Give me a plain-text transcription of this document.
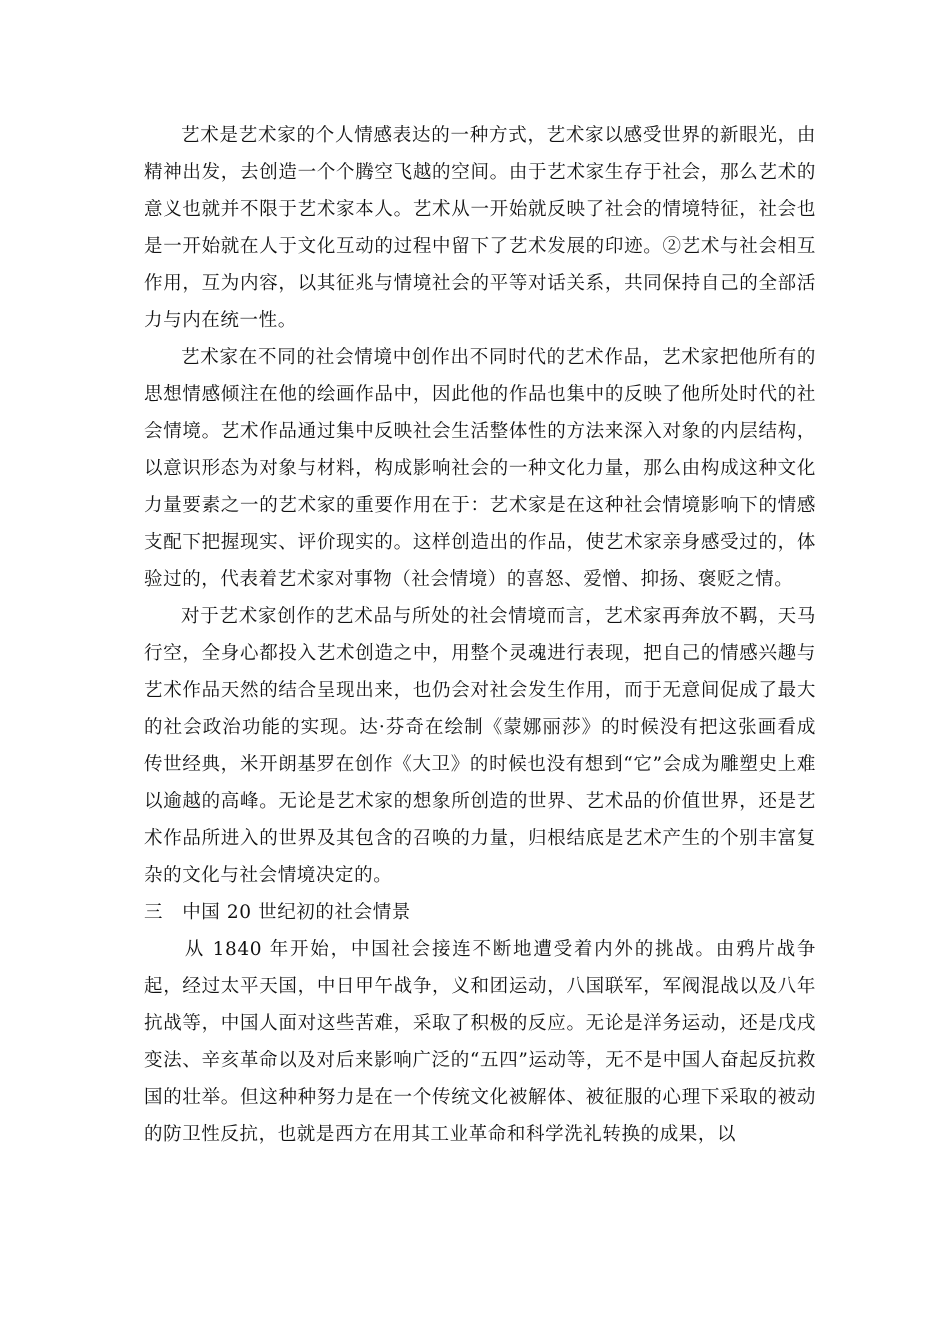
艺术是艺术家的个人情感表达的一种方式，艺术家以感受世界的新眼光，由精神出发，去创造一个个腾空飞越的空间。由于艺术家生存于社会，那么艺术的意义也就并不限于艺术家本人。艺术从一开始就反映了社会的情境特征，社会也是一开始就在人于文化互动的过程中留下了艺术发展的印迹。②艺术与社会相互作用，互为内容，以其征兆与情境社会的平等对话关系，共同保持自己的全部活力与内在统一性。

艺术家在不同的社会情境中创作出不同时代的艺术作品，艺术家把他所有的思想情感倾注在他的绘画作品中，因此他的作品也集中的反映了他所处时代的社会情境。艺术作品通过集中反映社会生活整体性的方法来深入对象的内层结构，以意识形态为对象与材料，构成影响社会的一种文化力量，那么由构成这种文化力量要素之一的艺术家的重要作用在于：艺术家是在这种社会情境影响下的情感支配下把握现实、评价现实的。这样创造出的作品，使艺术家亲身感受过的，体验过的，代表着艺术家对事物（社会情境）的喜怒、爱憎、抑扬、褒贬之情。

对于艺术家创作的艺术品与所处的社会情境而言，艺术家再奔放不羁，天马行空，全身心都投入艺术创造之中，用整个灵魂进行表现，把自己的情感兴趣与艺术作品天然的结合呈现出来，也仍会对社会发生作用，而于无意间促成了最大的社会政治功能的实现。达·芬奇在绘制《蒙娜丽莎》的时候没有把这张画看成传世经典，米开朗基罗在创作《大卫》的时候也没有想到“它”会成为雕塑史上难以逾越的高峰。无论是艺术家的想象所创造的世界、艺术品的价值世界，还是艺术作品所进入的世界及其包含的召唤的力量，归根结底是艺术产生的个别丰富复杂的文化与社会情境决定的。

三　中国 20 世纪初的社会情景

从 1840 年开始，中国社会接连不断地遭受着内外的挑战。由鸦片战争起，经过太平天国，中日甲午战争，义和团运动，八国联军，军阀混战以及八年抗战等，中国人面对这些苦难，采取了积极的反应。无论是洋务运动，还是戊戌变法、辛亥革命以及对后来影响广泛的“五四”运动等，无不是中国人奋起反抗救国的壮举。但这种种努力是在一个传统文化被解体、被征服的心理下采取的被动的防卫性反抗，也就是西方在用其工业革命和科学洗礼转换的成果，以
